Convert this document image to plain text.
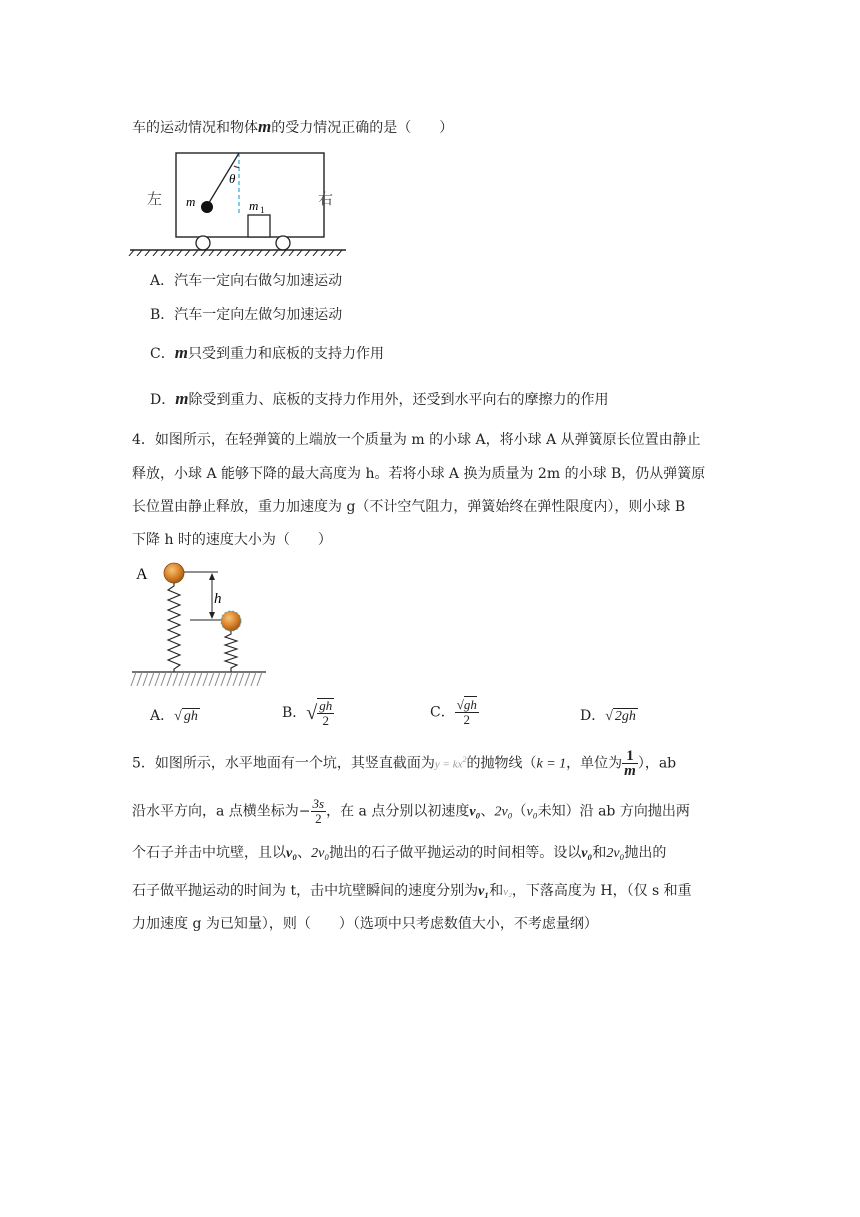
车的运动情况和物体m的受力情况正确的是（　　）
θ
m	m 1
左	右
A．汽车一定向右做匀加速运动
B．汽车一定向左做匀加速运动
C．m只受到重力和底板的支持力作用
D．m除受到重力、底板的支持力作用外，还受到水平向右的摩擦力的作用
4．如图所示，在轻弹簧的上端放一个质量为 m 的小球 A，将小球 A 从弹簧原长位置由静止
释放，小球 A 能够下降的最大高度为 h。若将小球 A 换为质量为 2m 的小球 B，仍从弹簧原
长位置由静止释放，重力加速度为 g（不计空气阻力，弹簧始终在弹性限度内），则小球 B
下降 h 时的速度大小为（　　）
A
h
A．√ gh	B．√ $\frac{gh}{2}$	C． $\frac{√gh}{2}$	D．√ 2gh
5．如图所示，水平地面有一个坑，其竖直截面为$y = kx^2$的抛物线（k = 1，单位为 $\frac{1}{m}$ ），ab
沿水平方向，a 点横坐标为− $\frac{3s}{2}$ ，在 a 点分别以初速度v₀、2v₀（v₀未知）沿 ab 方向抛出两
个石子并击中坑壁，且以v₀、2v₀抛出的石子做平抛运动的时间相等。设以v₀和2v₀抛出的
石子做平抛运动的时间为 t，击中坑壁瞬间的速度分别为v₁和v₂，下落高度为 H，（仅 s 和重
力加速度 g 为已知量），则（　　）（选项中只考虑数值大小，不考虑量纲）
